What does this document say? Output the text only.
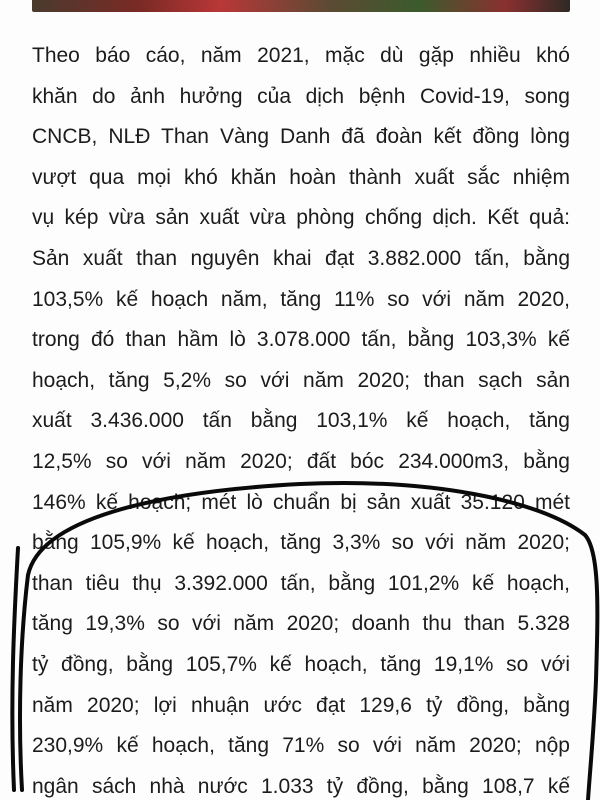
Theo báo cáo, năm 2021, mặc dù gặp nhiều khó
khăn do ảnh hưởng của dịch bệnh Covid-19, song
CNCB, NLĐ Than Vàng Danh đã đoàn kết đồng lòng
vượt qua mọi khó khăn hoàn thành xuất sắc nhiệm
vụ kép vừa sản xuất vừa phòng chống dịch. Kết quả:
Sản xuất than nguyên khai đạt 3.882.000 tấn, bằng
103,5% kế hoạch năm, tăng 11% so với năm 2020,
trong đó than hầm lò 3.078.000 tấn, bằng 103,3% kế
hoạch, tăng 5,2% so với năm 2020; than sạch sản
xuất 3.436.000 tấn bằng 103,1% kế hoạch, tăng
12,5% so với năm 2020; đất bóc 234.000m3, bằng
146% kế hoạch; mét lò chuẩn bị sản xuất 35.120 mét
bằng 105,9% kế hoạch, tăng 3,3% so với năm 2020;
than tiêu thụ 3.392.000 tấn, bằng 101,2% kế hoạch,
tăng 19,3% so với năm 2020; doanh thu than 5.328
tỷ đồng, bằng 105,7% kế hoạch, tăng 19,1% so với
năm 2020; lợi nhuận ước đạt 129,6 tỷ đồng, bằng
230,9% kế hoạch, tăng 71% so với năm 2020; nộp
ngân sách nhà nước 1.033 tỷ đồng, bằng 108,7 kế
